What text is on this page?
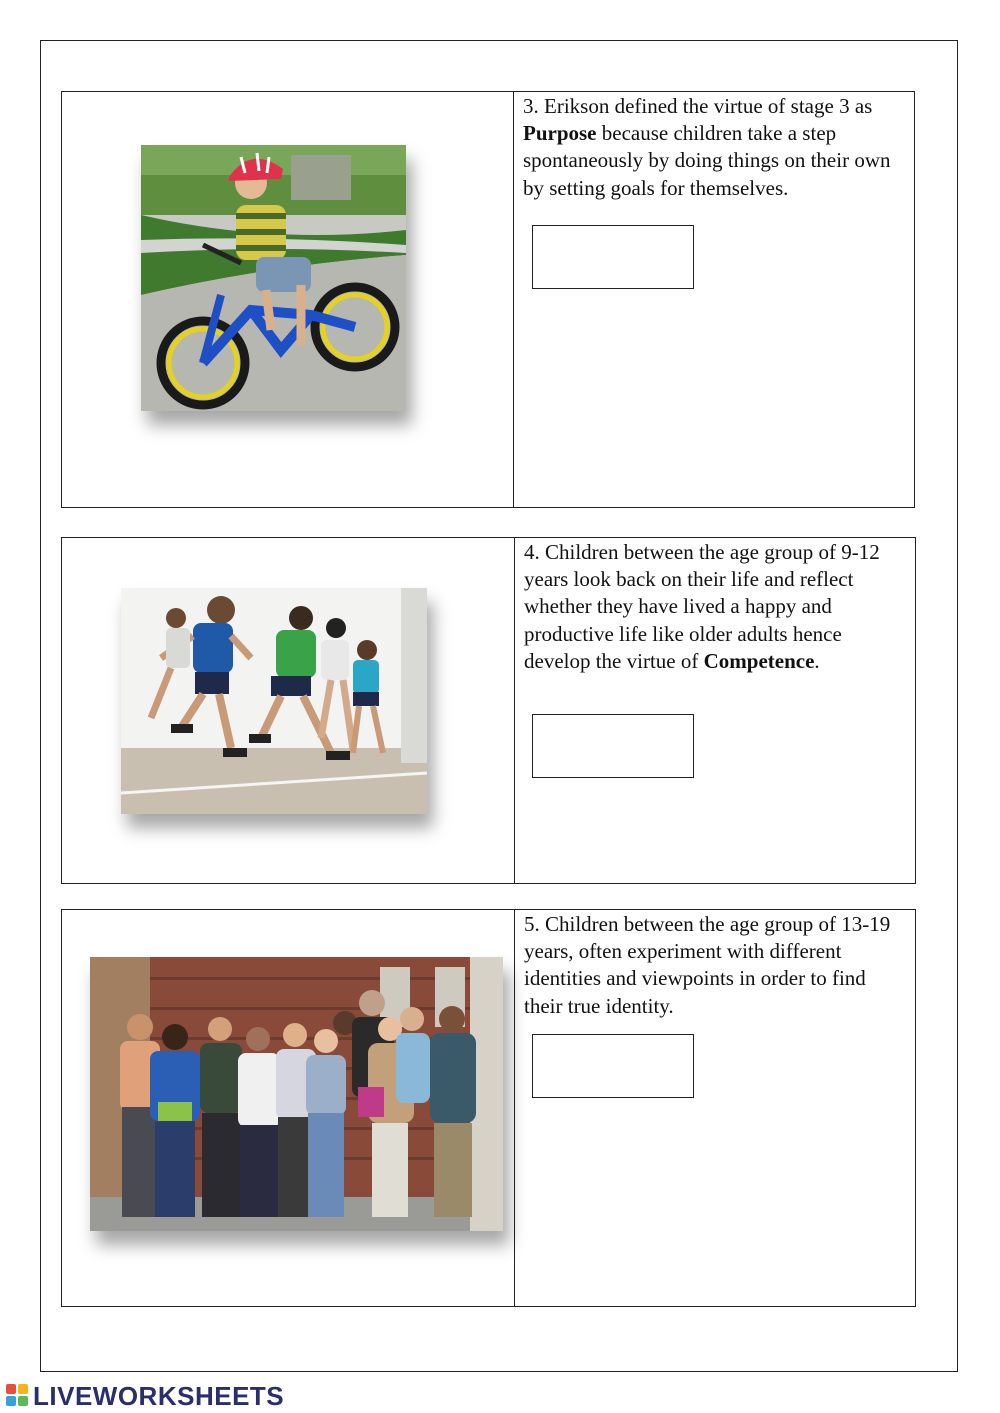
3. Erikson defined the virtue of stage 3 as Purpose because children take a step spontaneously by doing things on their own by setting goals for themselves.

4. Children between the age group of 9-12 years look back on their life and reflect whether they have lived a happy and productive life like older adults hence develop the virtue of Competence.

5. Children between the age group of 13-19 years, often experiment with different identities and viewpoints in order to find their true identity.

LIVEWORKSHEETS
